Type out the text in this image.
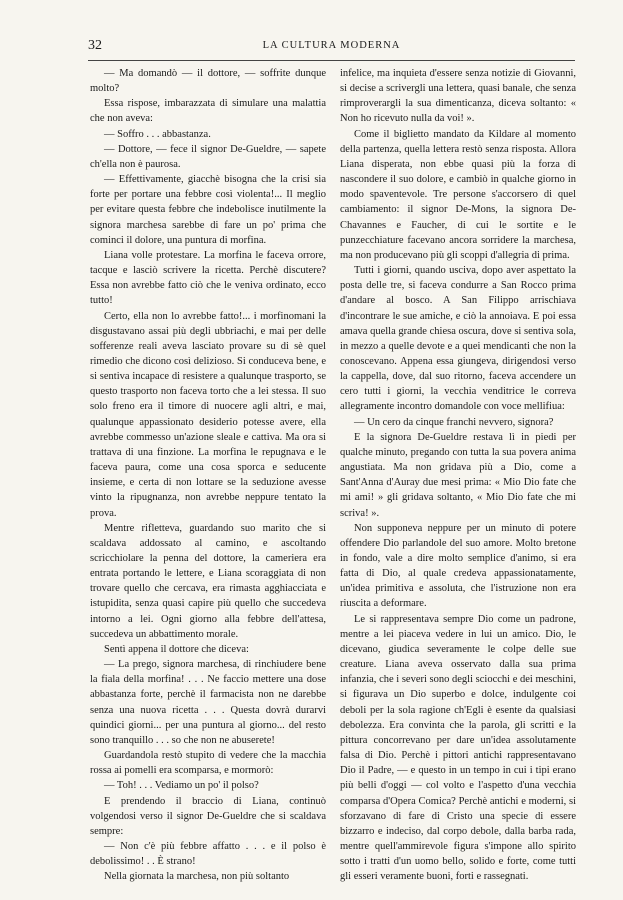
32	LA CULTURA MODERNA

— Ma domandò — il dottore, — soffrite dunque molto?

Essa rispose, imbarazzata di simulare una malattia che non aveva:

— Soffro . . . abbastanza.

— Dottore, — fece il signor De-Gueldre, — sapete ch'ella non è paurosa.

— Effettivamente, giacchè bisogna che la crisi sia forte per portare una febbre così violenta!... Il meglio per evitare questa febbre che indebolisce inutilmente la signora marchesa sarebbe di fare un po' prima che cominci il dolore, una puntura di morfina.

Liana volle protestare. La morfina le faceva orrore, tacque e lasciò scrivere la ricetta. Perchè discutere? Essa non avrebbe fatto ciò che le veniva ordinato, ecco tutto!

Certo, ella non lo avrebbe fatto!... i morfinomani la disgustavano assai più degli ubbriachi, e mai per delle sofferenze reali aveva lasciato provare su di sè quel rimedio che dicono così delizioso. Si conduceva bene, e si sentiva incapace di resistere a qualunque trasporto, se questo trasporto non faceva torto che a lei stessa. Il suo solo freno era il timore di nuocere agli altri, e mai, qualunque appassionato desiderio potesse avere, ella avrebbe commesso un'azione sleale e cattiva. Ma ora si trattava di una finzione. La morfina le repugnava e le faceva paura, come una cosa sporca e seducente insieme, e certa di non lottare se la seduzione avesse vinto la ripugnanza, non avrebbe neppure tentato la prova.

Mentre rifletteva, guardando suo marito che si scaldava addossato al camino, e ascoltando scricchiolare la penna del dottore, la cameriera era entrata portando le lettere, e Liana scoraggiata di non trovare quello che cercava, era rimasta agghiacciata e istupidita, senza quasi capire più quello che succedeva intorno a lei. Ogni giorno alla febbre dell'attesa, succedeva un abbattimento morale.

Sentì appena il dottore che diceva:

— La prego, signora marchesa, di rinchiudere bene la fiala della morfina! . . . Ne faccio mettere una dose abbastanza forte, perchè il farmacista non ne darebbe senza una nuova ricetta . . . Questa dovrà durarvi quindici giorni... per una puntura al giorno... del resto sono tranquillo . . . so che non ne abuserete!

Guardandola restò stupito di vedere che la macchia rossa ai pomelli era scomparsa, e mormorò:

— Toh! . . . Vediamo un po' il polso?

E prendendo il braccio di Liana, continuò volgendosi verso il signor De-Gueldre che si scaldava sempre:

— Non c'è più febbre affatto . . . e il polso è debolissimo! . . È strano!

Nella giornata la marchesa, non più soltanto

infelice, ma inquieta d'essere senza notizie di Giovanni, si decise a scrivergli una lettera, quasi banale, che senza rimproverargli la sua dimenticanza, diceva soltanto: « Non ho ricevuto nulla da voi! ».

Come il biglietto mandato da Kildare al momento della partenza, quella lettera restò senza risposta. Allora Liana disperata, non ebbe quasi più la forza di nascondere il suo dolore, e cambiò in qualche giorno in modo spaventevole. Tre persone s'accorsero di quel cambiamento: il signor De-Mons, la signora De-Chavannes e Faucher, di cui le sortite e le punzecchiature facevano ancora sorridere la marchesa, ma non producevano più gli scoppi d'allegria di prima.

Tutti i giorni, quando usciva, dopo aver aspettato la posta delle tre, si faceva condurre a San Rocco prima d'andare al bosco. A San Filippo arrischiava d'incontrare le sue amiche, e ciò la annoiava. E poi essa amava quella grande chiesa oscura, dove si sentiva sola, in mezzo a quelle devote e a quei mendicanti che non la conoscevano. Appena essa giungeva, dirigendosi verso la cappella, dove, dal suo ritorno, faceva accendere un cero tutti i giorni, la vecchia venditrice le correva allegramente incontro domandole con voce mellifiua:

— Un cero da cinque franchi nevvero, signora?

E la signora De-Gueldre restava lì in piedi per qualche minuto, pregando con tutta la sua povera anima angustiata. Ma non gridava più a Dio, come a Sant'Anna d'Auray due mesi prima: « Mio Dio fate che mi ami! » gli gridava soltanto, « Mio Dio fate che mi scriva! ».

Non supponeva neppure per un minuto di potere offendere Dio parlandole del suo amore. Molto bretone in fondo, vale a dire molto semplice d'animo, si era fatta di Dio, al quale credeva appassionatamente, un'idea primitiva e assoluta, che l'istruzione non era riuscita a deformare.

Le si rappresentava sempre Dio come un padrone, mentre a lei piaceva vedere in lui un amico. Dio, le dicevano, giudica severamente le colpe delle sue creature. Liana aveva osservato dalla sua prima infanzia, che i severi sono degli sciocchi e dei meschini, si figurava un Dio superbo e dolce, indulgente coi deboli per la sola ragione ch'Egli è esente da qualsiasi debolezza. Era convinta che la parola, gli scritti e la pittura concorrevano per dare un'idea assolutamente falsa di Dio. Perchè i pittori antichi rappresentavano Dio il Padre, — e questo in un tempo in cui i tipi erano più belli d'oggi — col volto e l'aspetto d'una vecchia comparsa d'Opera Comica? Perchè antichi e moderni, si sforzavano di fare di Cristo una specie di essere bizzarro e indeciso, dal corpo debole, dalla barba rada, mentre quell'ammirevole figura s'impone allo spirito sotto i tratti d'un uomo bello, solido e forte, come tutti gli esseri veramente buoni, forti e rassegnati.
